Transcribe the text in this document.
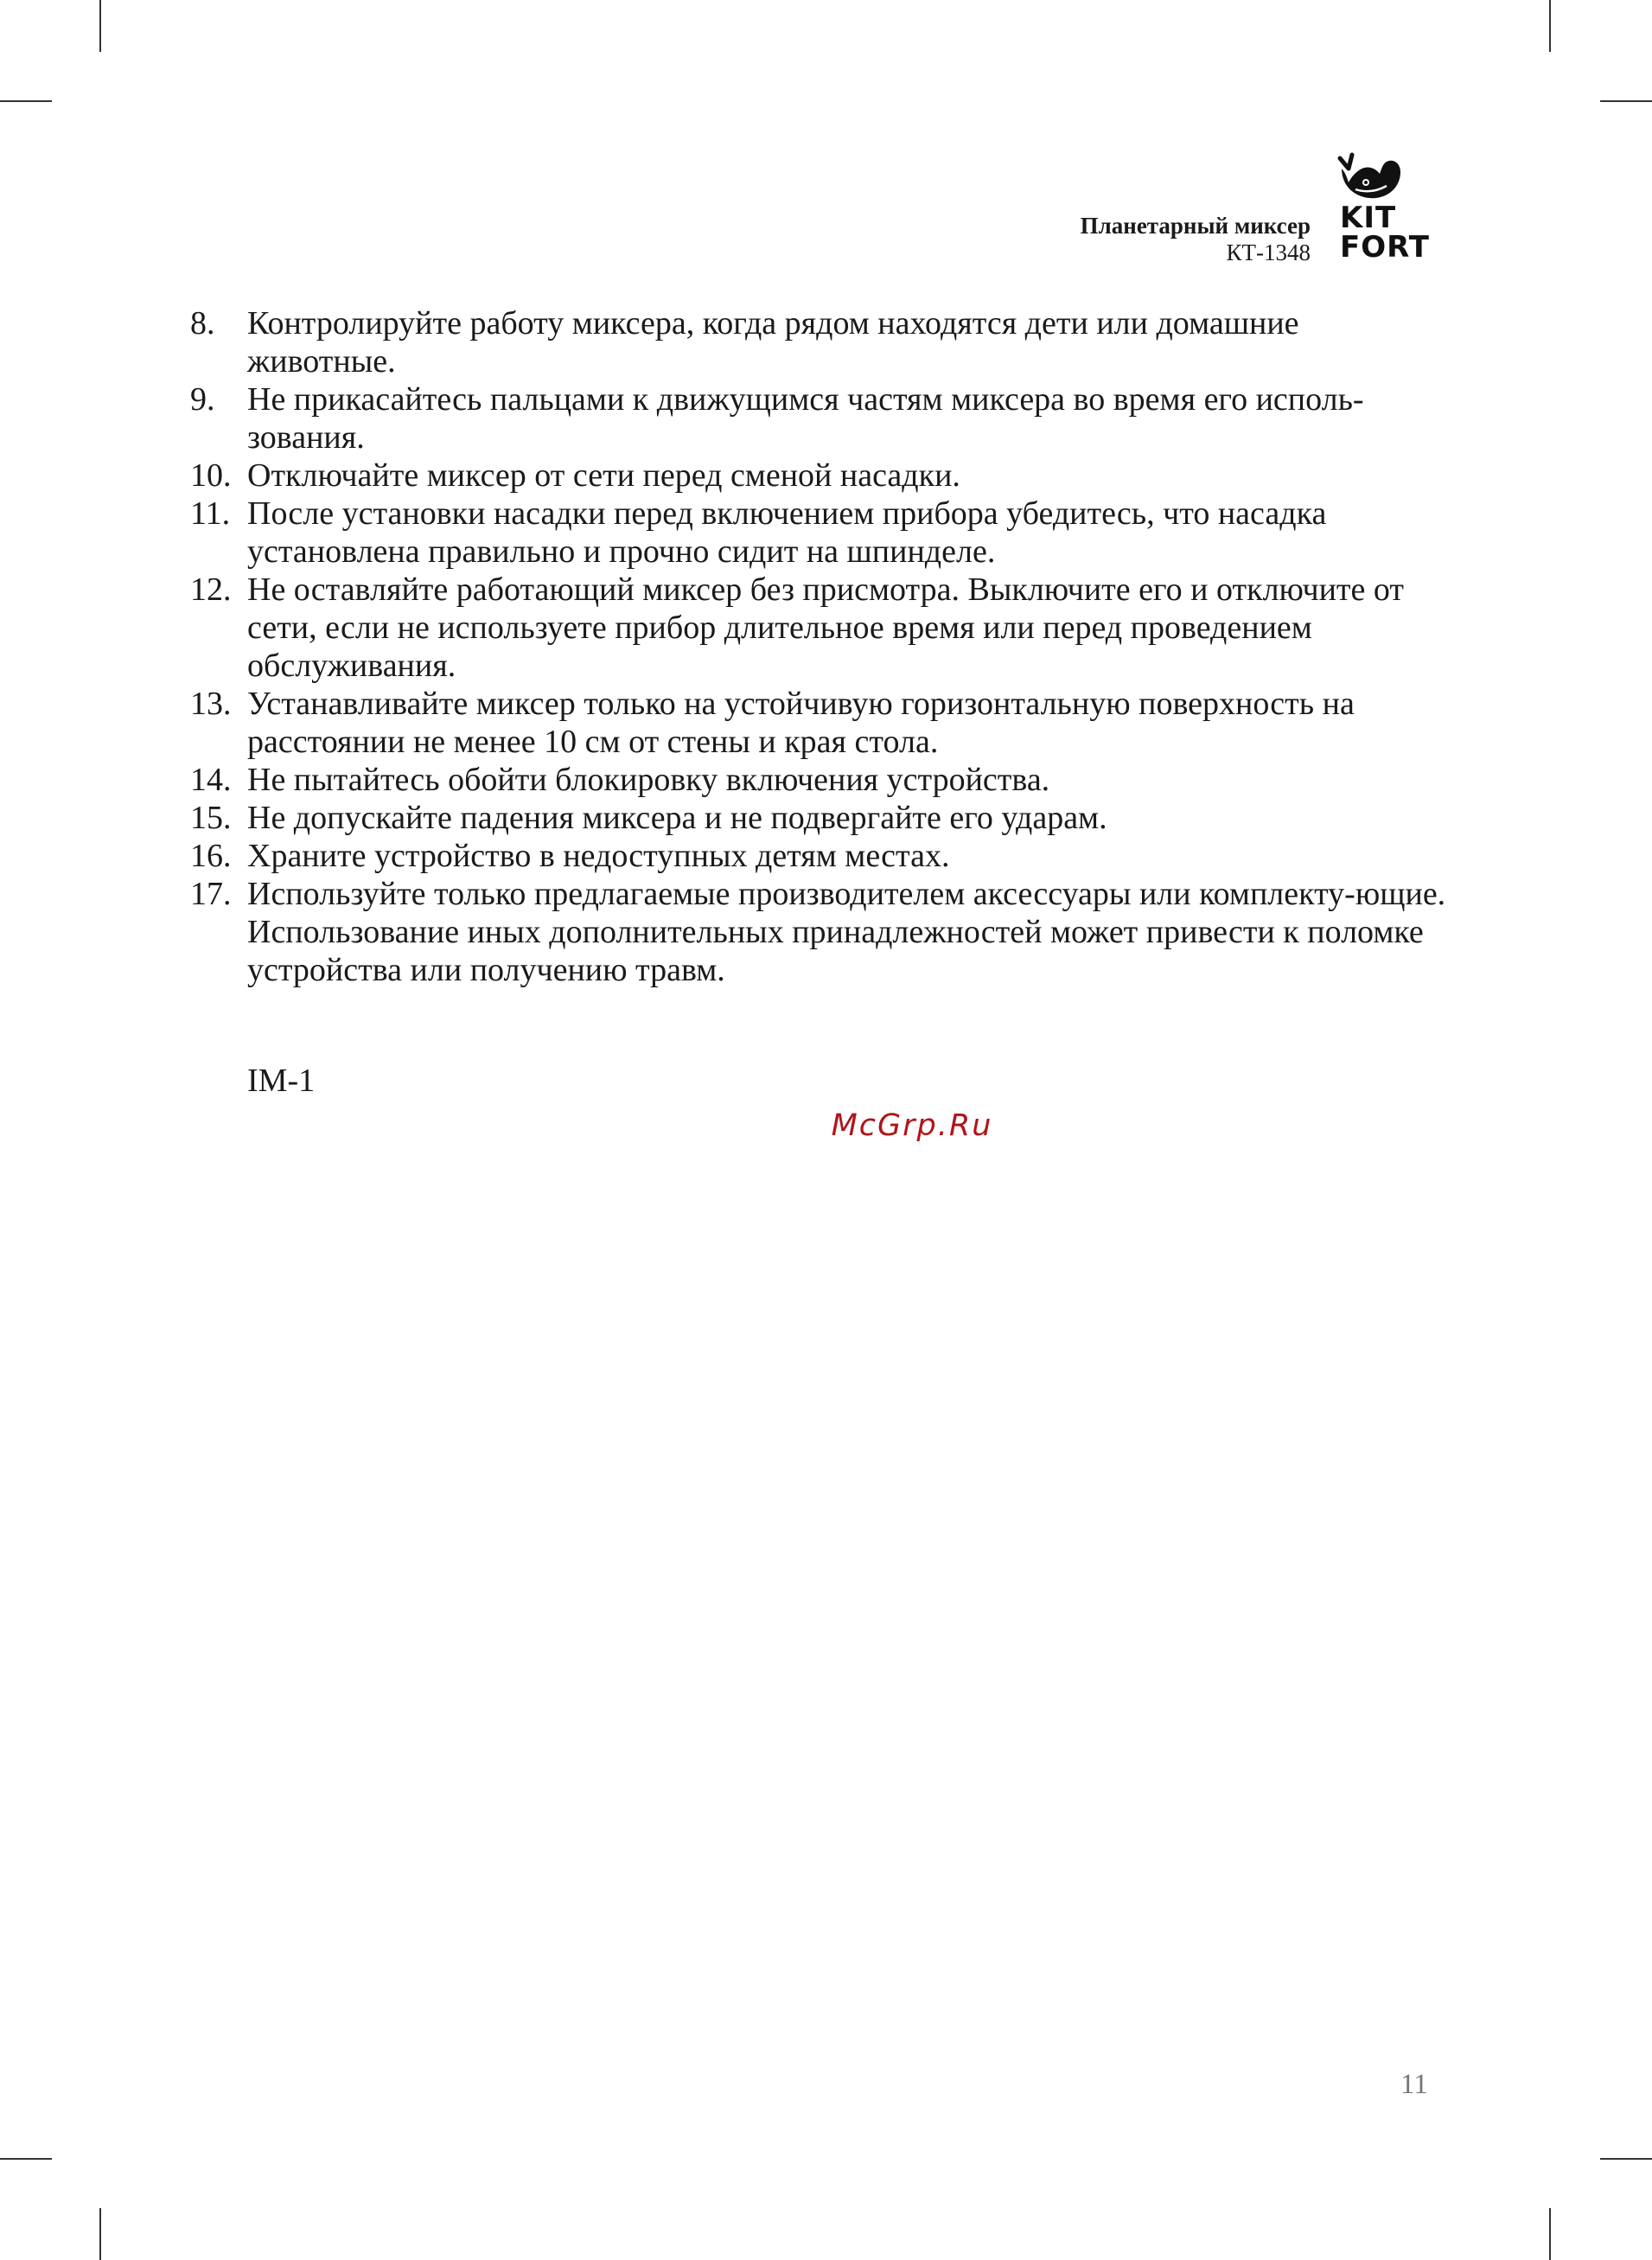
Планетарный миксер
КТ-1348
KIT
FORT
8. Контролируйте работу миксера, когда рядом находятся дети или домашние животные.
9. Не прикасайтесь пальцами к движущимся частям миксера во время его исполь-зования.
10. Отключайте миксер от сети перед сменой насадки.
11. После установки насадки перед включением прибора убедитесь, что насадка установлена правильно и прочно сидит на шпинделе.
12. Не оставляйте работающий миксер без присмотра. Выключите его и отключите от сети, если не используете прибор длительное время или перед проведением обслуживания.
13. Устанавливайте миксер только на устойчивую горизонтальную поверхность на расстоянии не менее 10 см от стены и края стола.
14. Не пытайтесь обойти блокировку включения устройства.
15. Не допускайте падения миксера и не подвергайте его ударам.
16. Храните устройство в недоступных детям местах.
17. Используйте только предлагаемые производителем аксессуары или комплекту-ющие. Использование иных дополнительных принадлежностей может привести к поломке устройства или получению травм.
IM-1
McGrp.Ru
11
